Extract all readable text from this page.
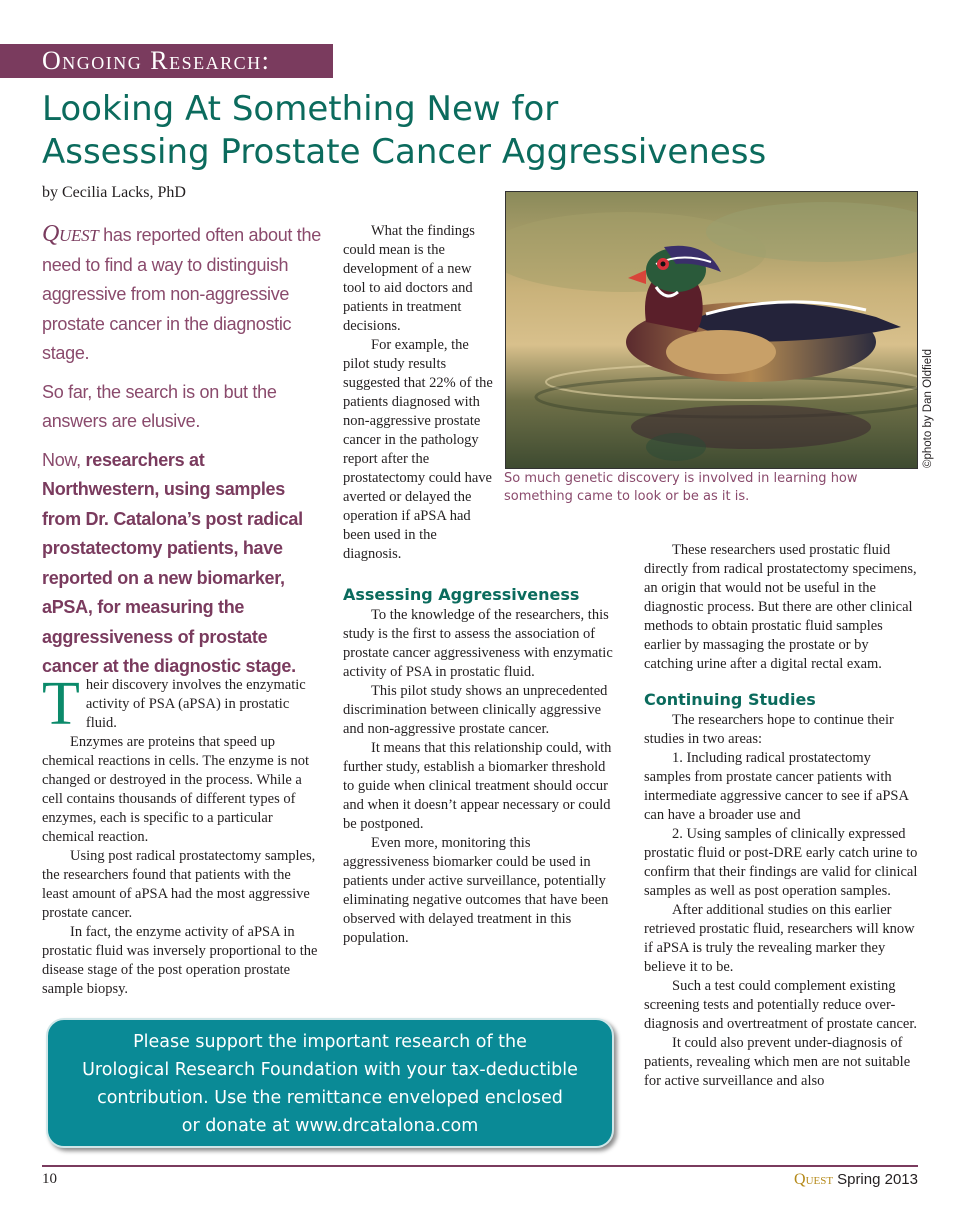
Ongoing Research:
Looking At Something New for
Assessing Prostate Cancer Aggressiveness
by Cecilia Lacks, PhD

Quest has reported often about the need to find a way to distinguish aggressive from non-aggressive prostate cancer in the diagnostic stage.

So far, the search is on but the answers are elusive.

Now, researchers at Northwestern, using samples from Dr. Catalona’s post radical prostatectomy patients, have reported on a new biomarker, aPSA, for measuring the aggressiveness of prostate cancer at the diagnostic stage.

Their discovery involves the enzymatic activity of PSA (aPSA) in prostatic fluid.

Enzymes are proteins that speed up chemical reactions in cells. The enzyme is not changed or destroyed in the process. While a cell contains thousands of different types of enzymes, each is specific to a particular chemical reaction.

Using post radical prostatectomy samples, the researchers found that patients with the least amount of aPSA had the most aggressive prostate cancer.

In fact, the enzyme activity of aPSA in prostatic fluid was inversely proportional to the disease stage of the post operation prostate sample biopsy.

What the findings could mean is the development of a new tool to aid doctors and patients in treatment decisions.

For example, the pilot study results suggested that 22% of the patients diagnosed with non-aggressive prostate cancer in the pathology report after the prostatectomy could have averted or delayed the operation if aPSA had been used in the diagnosis.

Assessing Aggressiveness

To the knowledge of the researchers, this study is the first to assess the association of prostate cancer aggressiveness with enzymatic activity of PSA in prostatic fluid.

This pilot study shows an unprecedented discrimination between clinically aggressive and non-aggressive prostate cancer.

It means that this relationship could, with further study, establish a biomarker threshold to guide when clinical treatment should occur and when it doesn’t appear necessary or could be postponed.

Even more, monitoring this aggressiveness biomarker could be used in patients under active surveillance, potentially eliminating negative outcomes that have been observed with delayed treatment in this population.

©photo by Dan Oldfield
So much genetic discovery is involved in learning how something came to look or be as it is.

These researchers used prostatic fluid directly from radical prostatectomy specimens, an origin that would not be useful in the diagnostic process. But there are other clinical methods to obtain prostatic fluid samples earlier by massaging the prostate or by catching urine after a digital rectal exam.

Continuing Studies

The researchers hope to continue their studies in two areas:

1. Including radical prostatectomy samples from prostate cancer patients with intermediate aggressive cancer to see if aPSA can have a broader use and

2. Using samples of clinically expressed prostatic fluid or post-DRE early catch urine to confirm that their findings are valid for clinical samples as well as post operation samples.

After additional studies on this earlier retrieved prostatic fluid, researchers will know if aPSA is truly the revealing marker they believe it to be.

Such a test could complement existing screening tests and potentially reduce over-diagnosis and overtreatment of prostate cancer.

It could also prevent under-diagnosis of patients, revealing which men are not suitable for active surveillance and also

Please support the important research of the
Urological Research Foundation with your tax-deductible
contribution. Use the remittance enveloped enclosed
or donate at www.drcatalona.com
10	Quest Spring 2013
